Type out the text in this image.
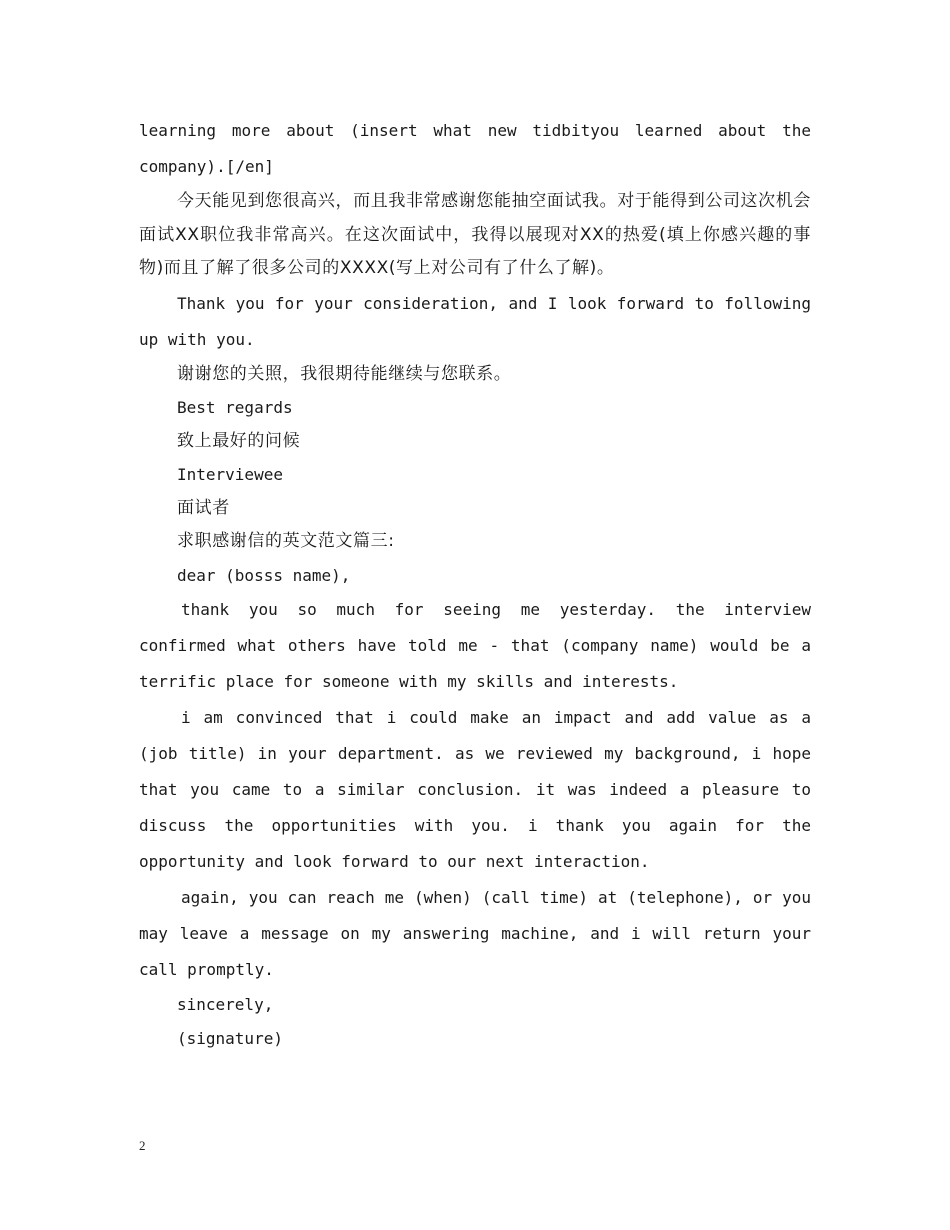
learning more about (insert what new tidbityou learned about the company).[/en]

今天能见到您很高兴，而且我非常感谢您能抽空面试我。对于能得到公司这次机会面试XX职位我非常高兴。在这次面试中，我得以展现对XX的热爱(填上你感兴趣的事物)而且了解了很多公司的XXXX(写上对公司有了什么了解)。

Thank you for your consideration, and I look forward to following up with you.

谢谢您的关照，我很期待能继续与您联系。

Best regards

致上最好的问候

Interviewee

面试者

求职感谢信的英文范文篇三:

dear (bosss name),

thank you so much for seeing me yesterday. the interview confirmed what others have told me - that (company name) would be a terrific place for someone with my skills and interests.

i am convinced that i could make an impact and add value as a (job title) in your department. as we reviewed my background, i hope that you came to a similar conclusion. it was indeed a pleasure to discuss the opportunities with you. i thank you again for the opportunity and look forward to our next interaction.

again, you can reach me (when) (call time) at (telephone), or you may leave a message on my answering machine, and i will return your call promptly.

sincerely,

(signature)

2
